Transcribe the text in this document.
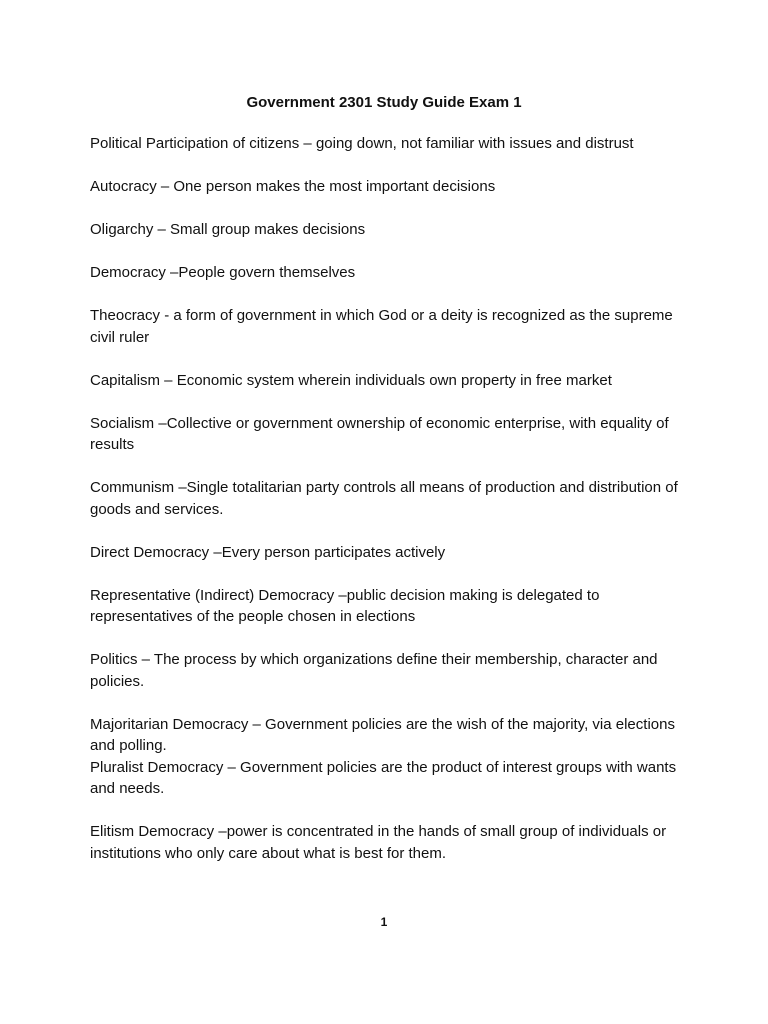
Government 2301 Study Guide Exam 1

Political Participation of citizens – going down, not familiar with issues and distrust

Autocracy – One person makes the most important decisions

Oligarchy – Small group makes decisions

Democracy –People govern themselves

Theocracy - a form of government in which God or a deity is recognized as the supreme civil ruler

Capitalism – Economic system wherein individuals own property in free market

Socialism –Collective or government ownership of economic enterprise, with equality of results

Communism –Single totalitarian party controls all means of production and distribution of goods and services.

Direct Democracy –Every person participates actively

Representative (Indirect) Democracy –public decision making is delegated to representatives of the people chosen in elections

Politics – The process by which organizations define their membership, character and policies.

Majoritarian Democracy – Government policies are the wish of the majority, via elections and polling.

Pluralist Democracy – Government policies are the product of interest groups with wants and needs.

Elitism Democracy –power is concentrated in the hands of small group of individuals or institutions who only care about what is best for them.

1
